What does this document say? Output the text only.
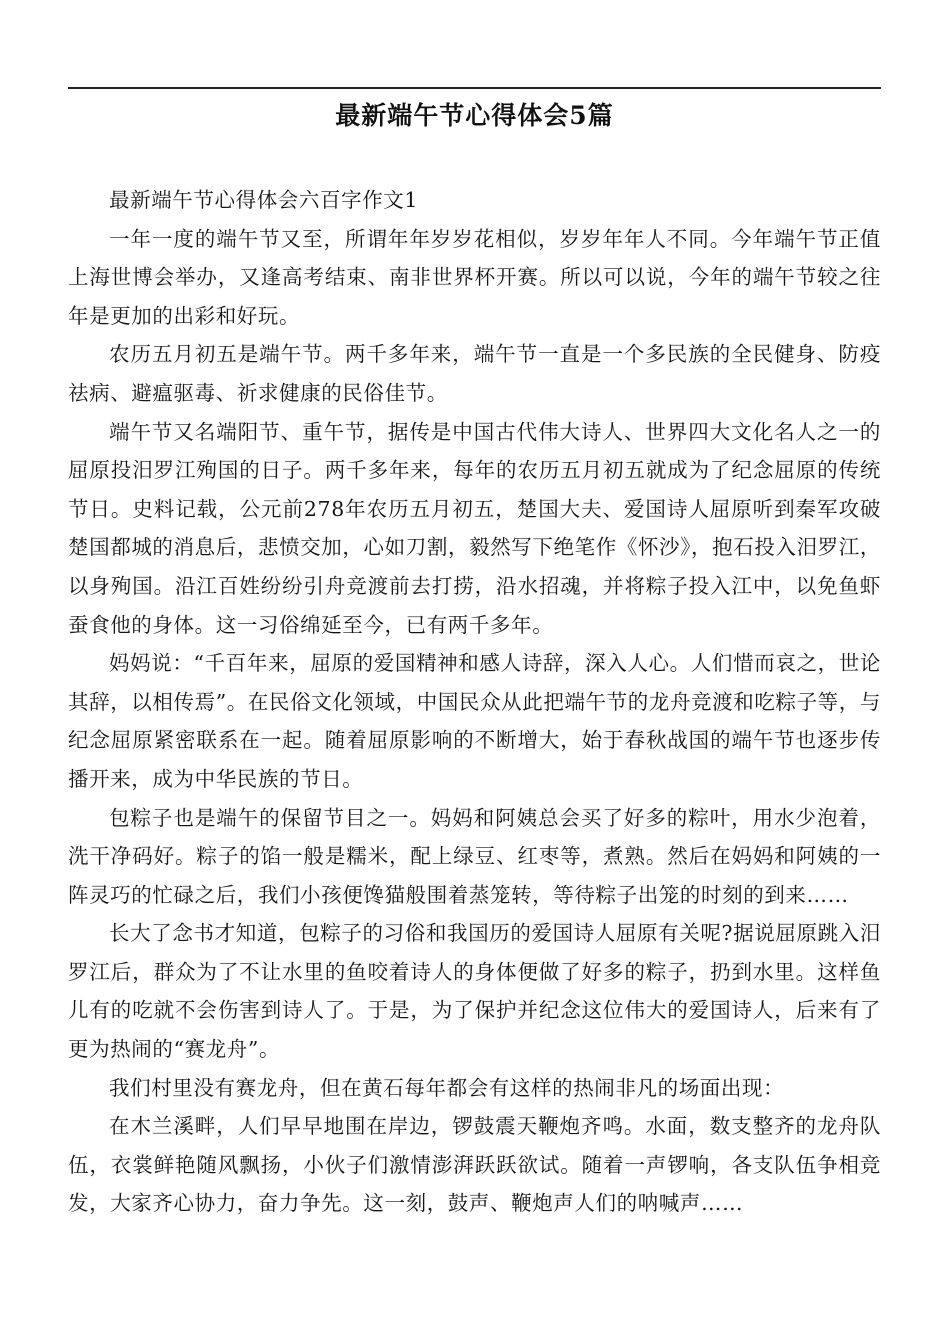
最新端午节心得体会5篇

最新端午节心得体会六百字作文1

一年一度的端午节又至，所谓年年岁岁花相似，岁岁年年人不同。今年端午节正值上海世博会举办，又逢高考结束、南非世界杯开赛。所以可以说，今年的端午节较之往年是更加的出彩和好玩。

农历五月初五是端午节。两千多年来，端午节一直是一个多民族的全民健身、防疫祛病、避瘟驱毒、祈求健康的民俗佳节。

端午节又名端阳节、重午节，据传是中国古代伟大诗人、世界四大文化名人之一的屈原投汨罗江殉国的日子。两千多年来，每年的农历五月初五就成为了纪念屈原的传统节日。史料记载，公元前278年农历五月初五，楚国大夫、爱国诗人屈原听到秦军攻破楚国都城的消息后，悲愤交加，心如刀割，毅然写下绝笔作《怀沙》，抱石投入汨罗江，以身殉国。沿江百姓纷纷引舟竞渡前去打捞，沿水招魂，并将粽子投入江中，以免鱼虾蚕食他的身体。这一习俗绵延至今，已有两千多年。

妈妈说：“千百年来，屈原的爱国精神和感人诗辞，深入人心。人们惜而哀之，世论其辞，以相传焉”。在民俗文化领域，中国民众从此把端午节的龙舟竞渡和吃粽子等，与纪念屈原紧密联系在一起。随着屈原影响的不断增大，始于春秋战国的端午节也逐步传播开来，成为中华民族的节日。

包粽子也是端午的保留节目之一。妈妈和阿姨总会买了好多的粽叶，用水少泡着，洗干净码好。粽子的馅一般是糯米，配上绿豆、红枣等，煮熟。然后在妈妈和阿姨的一阵灵巧的忙碌之后，我们小孩便馋猫般围着蒸笼转，等待粽子出笼的时刻的到来……

长大了念书才知道，包粽子的习俗和我国历的爱国诗人屈原有关呢?据说屈原跳入汨罗江后，群众为了不让水里的鱼咬着诗人的身体便做了好多的粽子，扔到水里。这样鱼儿有的吃就不会伤害到诗人了。于是，为了保护并纪念这位伟大的爱国诗人，后来有了更为热闹的“赛龙舟”。

我们村里没有赛龙舟，但在黄石每年都会有这样的热闹非凡的场面出现：

在木兰溪畔，人们早早地围在岸边，锣鼓震天鞭炮齐鸣。水面，数支整齐的龙舟队伍，衣裳鲜艳随风飘扬，小伙子们激情澎湃跃跃欲试。随着一声锣响，各支队伍争相竞发，大家齐心协力，奋力争先。这一刻，鼓声、鞭炮声人们的呐喊声……
